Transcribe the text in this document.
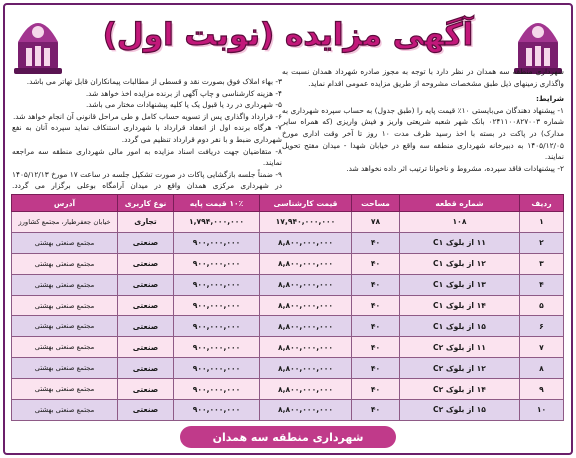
آگهی مزایده (نوبت اول)

شهرداری منطقه سه همدان در نظر دارد با توجه به مجوز صادره شهرداد همدان نسبت به واگذاری زمینهای ذیل طبق مشخصات مشروحه از طریق مزایده عمومی اقدام نماید.

شرایط:

۱- پیشنهاد دهندگان می‌بایستی ۱۰٪ قیمت پایه را (طبق جدول) به حساب سپرده شهرداری به شماره ۰۲۴۱۱۰۰۸۲۷۰۰۳ بانک شهر شعبه شریعتی واریز و فیش واریزی (که همراه سایر مدارک) در پاکت در بسته با اخذ رسید ظرف مدت ۱۰ روز تا آخر وقت اداری مورخ ۱۴۰۵/۱۲/۰۵ به دبیرخانه شهرداری منطقه سه واقع در خیابان شهدا - میدان مفتح تحویل نمایند.

۲- پیشنهادات فاقد سپرده، مشروط و ناخوانا ترتیب اثر داده نخواهد شد.

۳- بهاء املاک فوق بصورت نقد و قسطی از مطالبات پیمانکاران قابل تهاتر می باشد.

۴- هزینه کارشناسی و چاپ آگهی از برنده مزایده اخذ خواهد شد.

۵- شهرداری در رد یا قبول یک یا کلیه پیشنهادات مختار می باشد.

۶- قرارداد واگذاری پس از تسویه حساب کامل و طی مراحل قانونی آن انجام خواهد شد.

۷- هرگاه برنده اول از انعقاد قرارداد با شهرداری استنکاف نماید سپرده آنان به نفع شهرداری ضبط و با نفر دوم قرارداد تنظیم می گردد.

۸- متقاضیان جهت دریافت اسناد مزایده به امور مالی شهرداری منطقه سه مراجعه نمایند.

۹- ضمناً جلسه بازگشایی پاکات در صورت تشکیل جلسه در ساعت ۱۷ مورخ ۱۴۰۵/۱۲/۱۳ در شهرداری مرکزی همدان واقع در میدان آرامگاه بوعلی برگزار می گردد.

ردیف	شماره قطعه	مساحت	قیمت کارشناسی	۱۰٪ قیمت پایه	نوع کاربری	آدرس
۱	۱۰۸	۷۸	۱۷,۹۴۰,۰۰۰,۰۰۰	۱,۷۹۴,۰۰۰,۰۰۰	تجاری	خیابان جعفرطیار، مجتمع کشاورز
۲	۱۱ از بلوک C۱	۴۰	۸,۸۰۰,۰۰۰,۰۰۰	۹۰۰,۰۰۰,۰۰۰	صنعتی	مجتمع صنعتی بهشتی
۳	۱۲ از بلوک C۱	۴۰	۸,۸۰۰,۰۰۰,۰۰۰	۹۰۰,۰۰۰,۰۰۰	صنعتی	مجتمع صنعتی بهشتی
۴	۱۳ از بلوک C۱	۴۰	۸,۸۰۰,۰۰۰,۰۰۰	۹۰۰,۰۰۰,۰۰۰	صنعتی	مجتمع صنعتی بهشتی
۵	۱۴ از بلوک C۱	۴۰	۸,۸۰۰,۰۰۰,۰۰۰	۹۰۰,۰۰۰,۰۰۰	صنعتی	مجتمع صنعتی بهشتی
۶	۱۵ از بلوک C۱	۴۰	۸,۸۰۰,۰۰۰,۰۰۰	۹۰۰,۰۰۰,۰۰۰	صنعتی	مجتمع صنعتی بهشتی
۷	۱۱ از بلوک C۲	۴۰	۸,۸۰۰,۰۰۰,۰۰۰	۹۰۰,۰۰۰,۰۰۰	صنعتی	مجتمع صنعتی بهشتی
۸	۱۲ از بلوک C۲	۴۰	۸,۸۰۰,۰۰۰,۰۰۰	۹۰۰,۰۰۰,۰۰۰	صنعتی	مجتمع صنعتی بهشتی
۹	۱۴ از بلوک C۲	۴۰	۸,۸۰۰,۰۰۰,۰۰۰	۹۰۰,۰۰۰,۰۰۰	صنعتی	مجتمع صنعتی بهشتی
۱۰	۱۵ از بلوک C۲	۴۰	۸,۸۰۰,۰۰۰,۰۰۰	۹۰۰,۰۰۰,۰۰۰	صنعتی	مجتمع صنعتی بهشتی
شهرداری منطقه سه همدان
